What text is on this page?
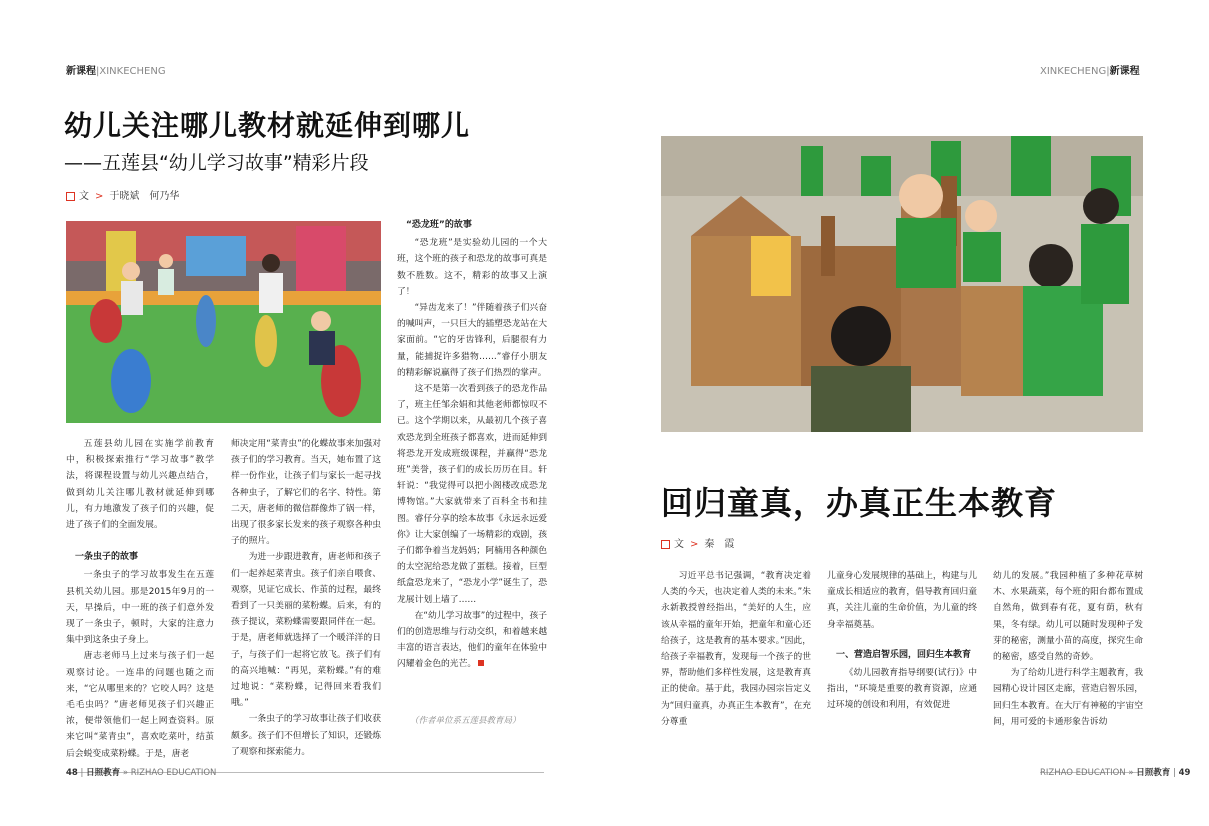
新课程|XINKECHENG
幼儿关注哪儿教材就延伸到哪儿
——五莲县“幼儿学习故事”精彩片段
文 > 于晓斌　何乃华

五莲县幼儿园在实施学前教育中，积极探索推行“学习故事”教学法，将课程设置与幼儿兴趣点结合，做到幼儿关注哪儿教材就延伸到哪儿，有力地激发了孩子们的兴趣，促进了孩子们的全面发展。

一条虫子的故事

一条虫子的学习故事发生在五莲县机关幼儿园。那是2015年9月的一天，早操后，中一班的孩子们意外发现了一条虫子，顿时，大家的注意力集中到这条虫子身上。

唐志老师马上过来与孩子们一起观察讨论。一连串的问题也随之而来，“它从哪里来的？它咬人吗？这是毛毛虫吗？”唐老师见孩子们兴趣正浓，便带领他们一起上网查资料。原来它叫“菜青虫”，喜欢吃菜叶，结茧后会蜕变成菜粉蝶。于是，唐老

师决定用“菜青虫”的化蝶故事来加强对孩子们的学习教育。当天，她布置了这样一份作业，让孩子们与家长一起寻找各种虫子，了解它们的名字、特性。第二天，唐老师的微信群像炸了锅一样，出现了很多家长发来的孩子观察各种虫子的照片。

为进一步跟进教育，唐老师和孩子们一起养起菜青虫。孩子们亲自喂食、观察，见证它成长、作茧的过程，最终看到了一只美丽的菜粉蝶。后来，有的孩子提议，菜粉蝶需要跟同伴在一起。于是，唐老师就选择了一个暖洋洋的日子，与孩子们一起将它放飞。孩子们有的高兴地喊：“再见，菜粉蝶。”有的难过地说：“菜粉蝶，记得回来看我们哦。”

一条虫子的学习故事让孩子们收获颇多。孩子们不但增长了知识，还锻炼了观察和探索能力。

“恐龙班”的故事

“恐龙班”是实验幼儿园的一个大班，这个班的孩子和恐龙的故事可真是数不胜数。这不，精彩的故事又上演了！

“异齿龙来了！”伴随着孩子们兴奋的喊叫声，一只巨大的插塑恐龙站在大家面前。“它的牙齿锋利，后腿很有力量，能捕捉许多猎物……”睿仔小朋友的精彩解说赢得了孩子们热烈的掌声。

这不是第一次看到孩子的恐龙作品了，班主任邹余娟和其他老师都惊叹不已。这个学期以来，从最初几个孩子喜欢恐龙到全班孩子都喜欢，进而延伸到将恐龙开发成班级课程，并赢得“恐龙班”美誉，孩子们的成长历历在目。轩轩说：“我觉得可以把小阁楼改成恐龙博物馆。”大家就带来了百科全书和挂图。睿仔分享的绘本故事《永远永远爱你》让大家创编了一场精彩的戏剧，孩子们都争着当龙妈妈；阿楠用各种颜色的太空泥给恐龙做了蛋糕。接着，巨型纸盒恐龙来了，“恐龙小学”诞生了，恐龙展计划上墙了……

在“幼儿学习故事”的过程中，孩子们的创造思维与行动交织，和着越来越丰富的语言表达，他们的童年在体验中闪耀着金色的光芒。

（作者单位系五莲县教育局）
48 | 日照教育 » RIZHAO EDUCATION
XINKECHENG|新课程
回归童真，办真正生本教育
文 > 秦　霞

习近平总书记强调，“教育决定着人类的今天，也决定着人类的未来。”朱永新教授曾经指出，“美好的人生，应该从幸福的童年开始，把童年和童心还给孩子，这是教育的基本要求。”因此，给孩子幸福教育，发现每一个孩子的世界，帮助他们多样性发展，这是教育真正的使命。基于此，我园办园宗旨定义为“回归童真，办真正生本教育”，在充分尊重

儿童身心发展规律的基础上，构建与儿童成长相适应的教育，倡导教育回归童真，关注儿童的生命价值，为儿童的终身幸福奠基。

一、营造启智乐园，回归生本教育

《幼儿园教育指导纲要(试行)》中指出，“环境是重要的教育资源，应通过环境的创设和利用，有效促进

幼儿的发展。”我园种植了多种花草树木、水果蔬菜，每个班的阳台都布置成自然角，做到春有花，夏有荫，秋有果，冬有绿。幼儿可以随时发现种子发芽的秘密，测量小苗的高度，探究生命的秘密，感受自然的奇妙。

为了给幼儿进行科学主题教育，我园精心设计园区走廊，营造启智乐园，回归生本教育。在大厅有神秘的宇宙空间，用可爱的卡通形象告诉幼

RIZHAO EDUCATION » 日照教育 | 49
